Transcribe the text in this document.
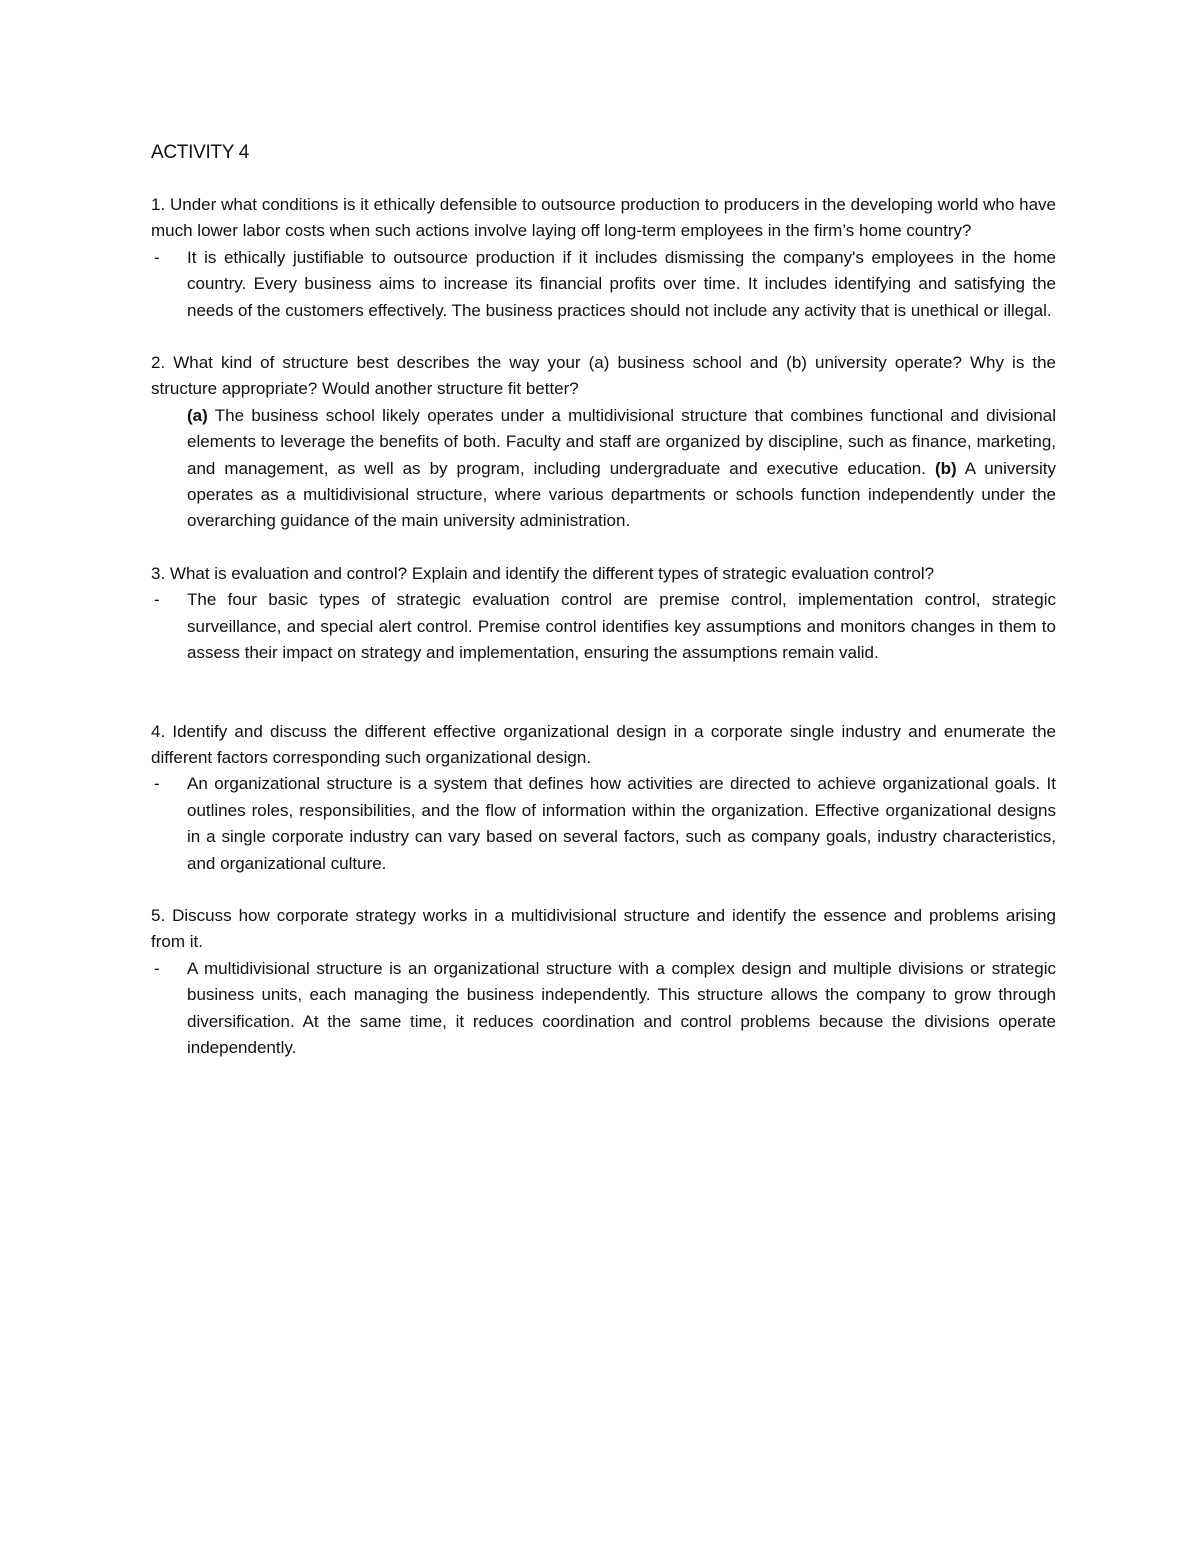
ACTIVITY 4

1. Under what conditions is it ethically defensible to outsource production to producers in the developing world who have much lower labor costs when such actions involve laying off long-term employees in the firm’s home country?

- It is ethically justifiable to outsource production if it includes dismissing the company's employees in the home country. Every business aims to increase its financial profits over time. It includes identifying and satisfying the needs of the customers effectively. The business practices should not include any activity that is unethical or illegal.

2. What kind of structure best describes the way your (a) business school and (b) university operate? Why is the structure appropriate? Would another structure fit better?

(a) The business school likely operates under a multidivisional structure that combines functional and divisional elements to leverage the benefits of both. Faculty and staff are organized by discipline, such as finance, marketing, and management, as well as by program, including undergraduate and executive education. (b) A university operates as a multidivisional structure, where various departments or schools function independently under the overarching guidance of the main university administration.

3. What is evaluation and control? Explain and identify the different types of strategic evaluation control?

- The four basic types of strategic evaluation control are premise control, implementation control, strategic surveillance, and special alert control. Premise control identifies key assumptions and monitors changes in them to assess their impact on strategy and implementation, ensuring the assumptions remain valid.

4. Identify and discuss the different effective organizational design in a corporate single industry and enumerate the different factors corresponding such organizational design.

- An organizational structure is a system that defines how activities are directed to achieve organizational goals. It outlines roles, responsibilities, and the flow of information within the organization. Effective organizational designs in a single corporate industry can vary based on several factors, such as company goals, industry characteristics, and organizational culture.

5. Discuss how corporate strategy works in a multidivisional structure and identify the essence and problems arising from it.

- A multidivisional structure is an organizational structure with a complex design and multiple divisions or strategic business units, each managing the business independently. This structure allows the company to grow through diversification. At the same time, it reduces coordination and control problems because the divisions operate independently.
